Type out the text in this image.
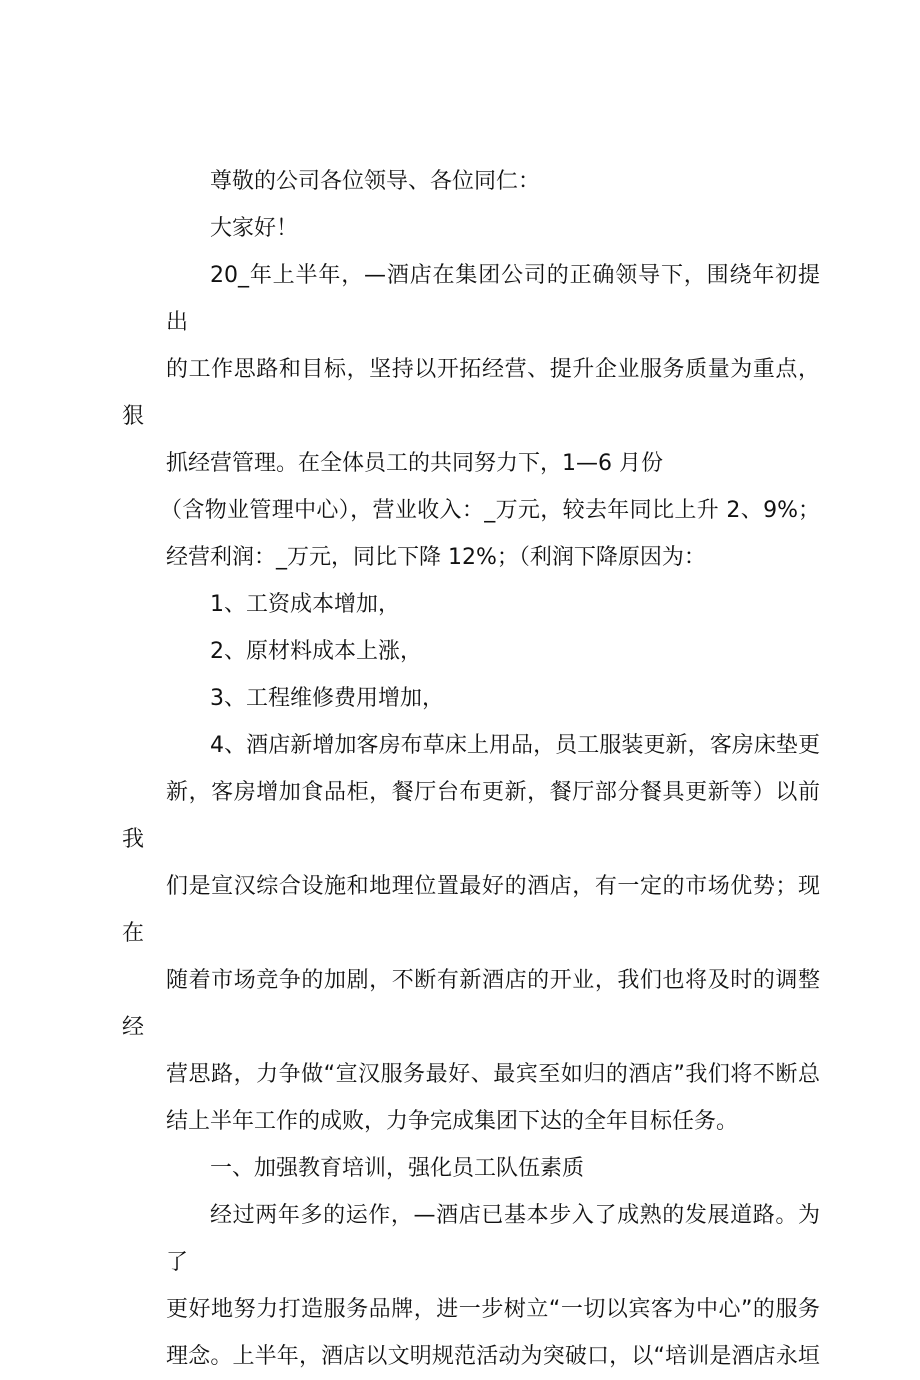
尊敬的公司各位领导、各位同仁：
大家好！
20_年上半年，—酒店在集团公司的正确领导下，围绕年初提出
的工作思路和目标，坚持以开拓经营、提升企业服务质量为重点，狠
抓经营管理。在全体员工的共同努力下，1—6 月份
（含物业管理中心），营业收入：_万元，较去年同比上升 2、9%；
经营利润：_万元，同比下降 12%；（利润下降原因为：
1、工资成本增加，
2、原材料成本上涨，
3、工程维修费用增加，
4、酒店新增加客房布草床上用品，员工服装更新，客房床垫更
新，客房增加食品柜，餐厅台布更新，餐厅部分餐具更新等）以前我
们是宣汉综合设施和地理位置最好的酒店，有一定的市场优势；现在
随着市场竞争的加剧，不断有新酒店的开业，我们也将及时的调整经
营思路，力争做“宣汉服务最好、最宾至如归的酒店”我们将不断总
结上半年工作的成败，力争完成集团下达的全年目标任务。
一、加强教育培训，强化员工队伍素质
经过两年多的运作，—酒店已基本步入了成熟的发展道路。为了
更好地努力打造服务品牌，进一步树立“一切以宾客为中心”的服务
理念。上半年，酒店以文明规范活动为突破口，以“培训是酒店永垣
